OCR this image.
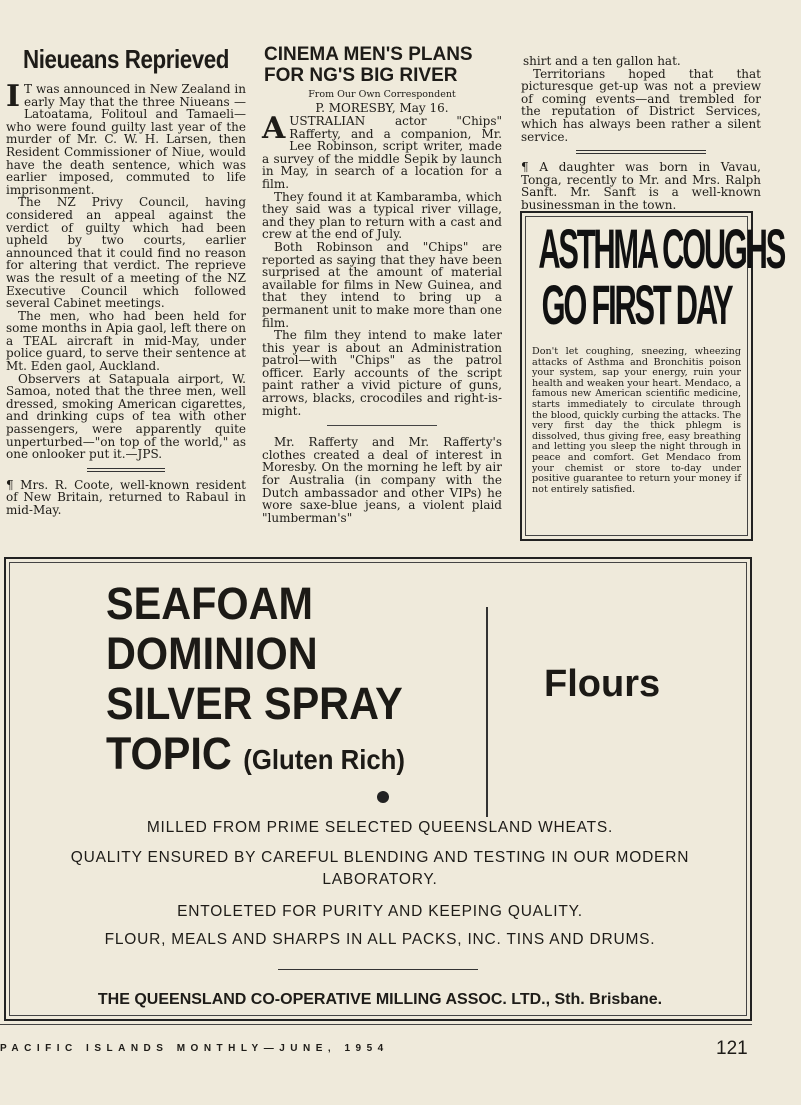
Nieueans Reprieved

I T was announced in New Zealand in early May that the three Niueans — Latoatama, Folitoul and Tamaeli—who were found guilty last year of the murder of Mr. C. W. H. Larsen, then Resident Commissioner of Niue, would have the death sentence, which was earlier imposed, commuted to life imprisonment.

The NZ Privy Council, having considered an appeal against the verdict of guilty which had been upheld by two courts, earlier announced that it could find no reason for altering that verdict. The reprieve was the result of a meeting of the NZ Executive Council which followed several Cabinet meetings.

The men, who had been held for some months in Apia gaol, left there on a TEAL aircraft in mid-May, under police guard, to serve their sentence at Mt. Eden gaol, Auckland.

Observers at Satapuala airport, W. Samoa, noted that the three men, well dressed, smoking American cigarettes, and drinking cups of tea with other passengers, were apparently quite unperturbed—"on top of the world," as one onlooker put it.—JPS.

¶ Mrs. R. Coote, well-known resident of New Britain, returned to Rabaul in mid-May.

CINEMA MEN'S PLANS FOR NG'S BIG RIVER
From Our Own Correspondent
P. MORESBY, May 16.

AUSTRALIAN actor "Chips" Rafferty, and a companion, Mr. Lee Robinson, script writer, made a survey of the middle Sepik by launch in May, in search of a location for a film.

They found it at Kambaramba, which they said was a typical river village, and they plan to return with a cast and crew at the end of July.

Both Robinson and "Chips" are reported as saying that they have been surprised at the amount of material available for films in New Guinea, and that they intend to bring up a permanent unit to make more than one film.

The film they intend to make later this year is about an Administration patrol—with "Chips" as the patrol officer. Early accounts of the script paint rather a vivid picture of guns, arrows, blacks, crocodiles and right-is-might.

Mr. Rafferty and Mr. Rafferty's clothes created a deal of interest in Moresby. On the morning he left by air for Australia (in company with the Dutch ambassador and other VIPs) he wore saxe-blue jeans, a violent plaid "lumberman's"

shirt and a ten gallon hat.

Territorians hoped that that picturesque get-up was not a preview of coming events—and trembled for the reputation of District Services, which has always been rather a silent service.

¶ A daughter was born in Vavau, Tonga, recently to Mr. and Mrs. Ralph Sanft. Mr. Sanft is a well-known businessman in the town.

ASTHMA COUGHS
GO FIRST DAY
Don't let coughing, sneezing, wheezing attacks of Asthma and Bronchitis poison your system, sap your energy, ruin your health and weaken your heart. Mendaco, a famous new American scientific medicine, starts immediately to circulate through the blood, quickly curbing the attacks. The very first day the thick phlegm is dissolved, thus giving free, easy breathing and letting you sleep the night through in peace and comfort. Get Mendaco from your chemist or store to-day under positive guarantee to return your money if not entirely satisfied.
SEAFOAM
DOMINION
SILVER SPRAY
TOPIC (Gluten Rich)
Flours
MILLED FROM PRIME SELECTED QUEENSLAND WHEATS.
QUALITY ENSURED BY CAREFUL BLENDING AND TESTING IN OUR MODERN LABORATORY.
ENTOLETED FOR PURITY AND KEEPING QUALITY.
FLOUR, MEALS AND SHARPS IN ALL PACKS, INC. TINS AND DRUMS.
THE QUEENSLAND CO-OPERATIVE MILLING ASSOC. LTD., Sth. Brisbane.
PACIFIC ISLANDS MONTHLY—JUNE, 1954	121
